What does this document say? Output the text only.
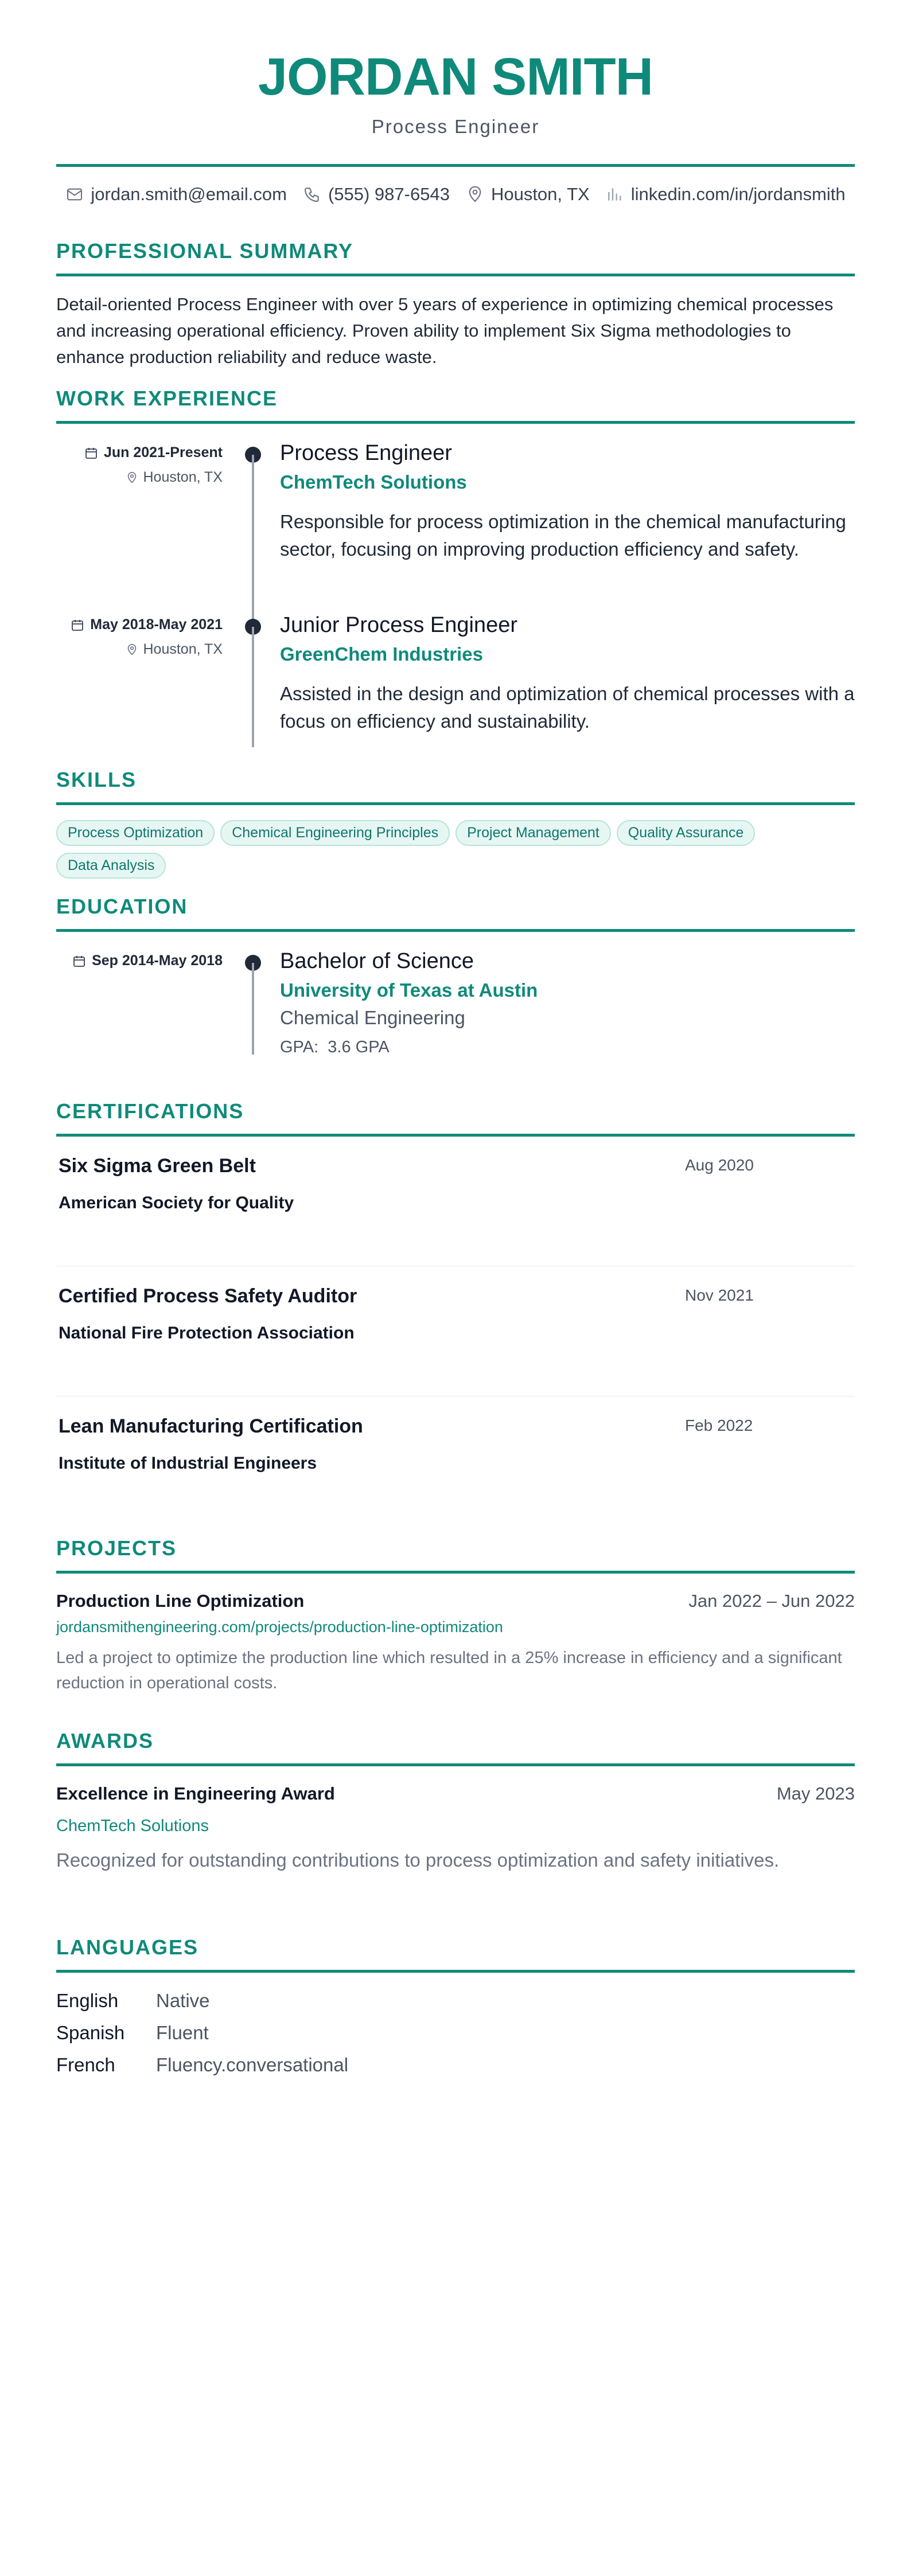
JORDAN SMITH
Process Engineer
jordan.smith@email.com (555) 987-6543 Houston, TX linkedin.com/in/jordansmith
PROFESSIONAL SUMMARY
Detail-oriented Process Engineer with over 5 years of experience in optimizing chemical processes and increasing operational efficiency. Proven ability to implement Six Sigma methodologies to enhance production reliability and reduce waste.
WORK EXPERIENCE
Jun 2021-Present
Houston, TX
Process Engineer
ChemTech Solutions
Responsible for process optimization in the chemical manufacturing sector, focusing on improving production efficiency and safety.
May 2018-May 2021
Houston, TX
Junior Process Engineer
GreenChem Industries
Assisted in the design and optimization of chemical processes with a focus on efficiency and sustainability.
SKILLS
Process Optimization	Chemical Engineering Principles	Project Management	Quality Assurance
Data Analysis
EDUCATION
Sep 2014-May 2018	Bachelor of Science
University of Texas at Austin
Chemical Engineering
GPA: 3.6 GPA
CERTIFICATIONS
Six Sigma Green Belt
American Society for Quality
Aug 2020
Certified Process Safety Auditor
National Fire Protection Association
Nov 2021
Lean Manufacturing Certification
Institute of Industrial Engineers
Feb 2022
PROJECTS
Production Line Optimization	Jan 2022 – Jun 2022
jordansmithengineering.com/projects/production-line-optimization
Led a project to optimize the production line which resulted in a 25% increase in efficiency and a significant reduction in operational costs.
AWARDS
Excellence in Engineering Award	May 2023
ChemTech Solutions
Recognized for outstanding contributions to process optimization and safety initiatives.
LANGUAGES
English	Native
Spanish	Fluent
French	Fluency.conversational
